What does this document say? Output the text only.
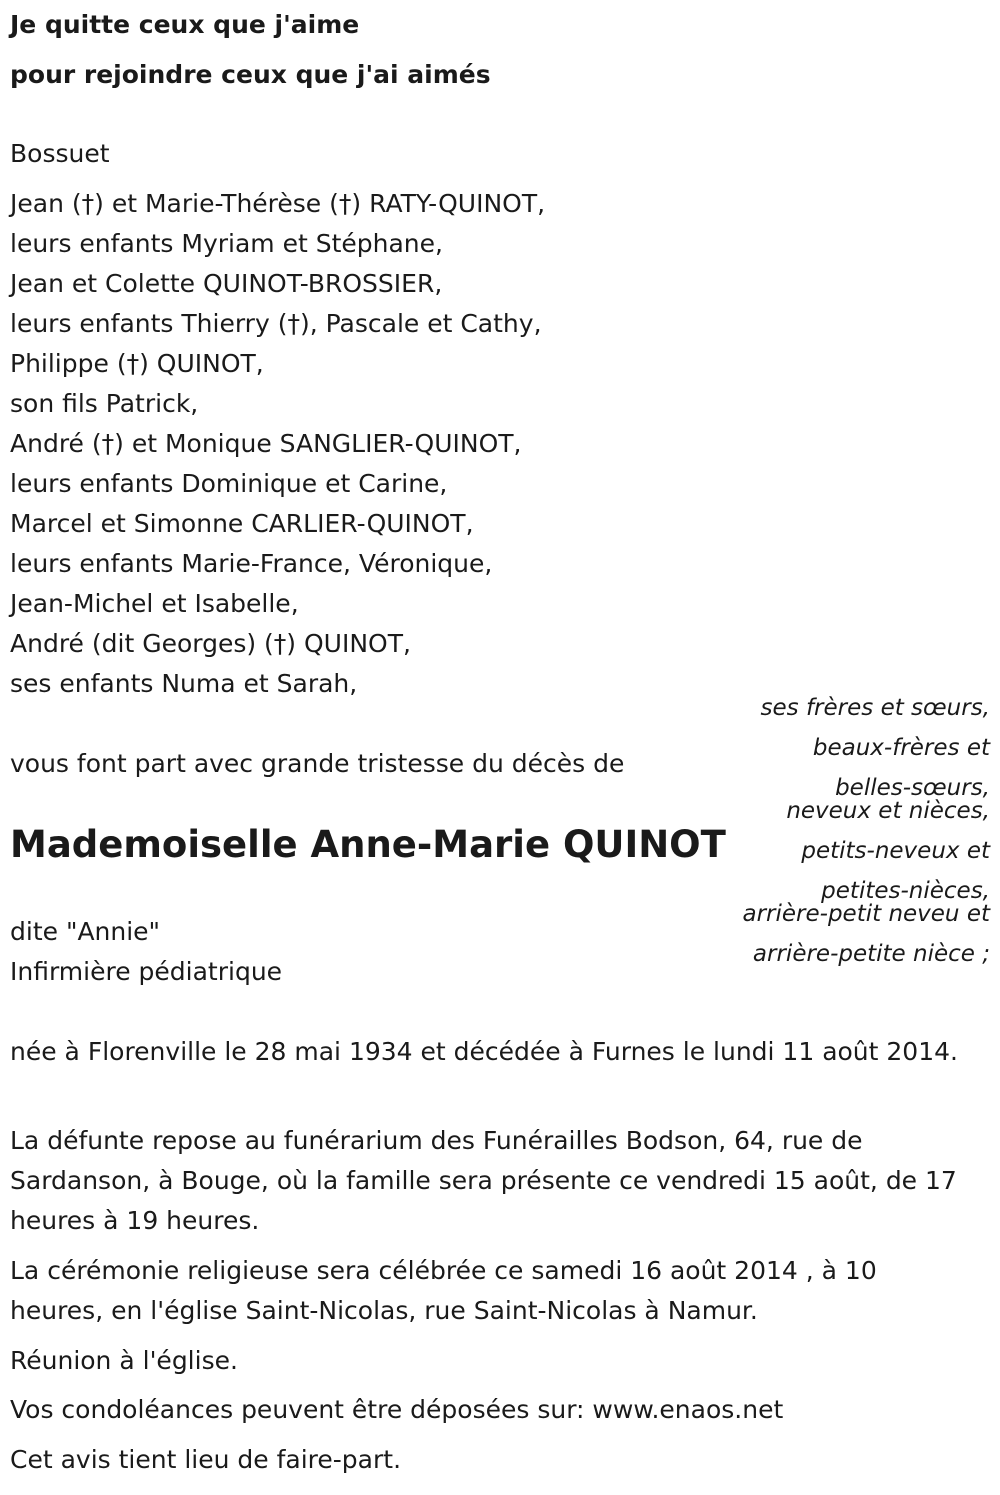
Je quitte ceux que j'aime
pour rejoindre ceux que j'ai aimés
Bossuet
Jean (†) et Marie-Thérèse (†) RATY-QUINOT,
leurs enfants Myriam et Stéphane,
Jean et Colette QUINOT-BROSSIER,
leurs enfants Thierry (†), Pascale et Cathy,
Philippe (†) QUINOT,
son fils Patrick,
André (†) et Monique SANGLIER-QUINOT,
leurs enfants Dominique et Carine,
Marcel et Simonne CARLIER-QUINOT,
leurs enfants Marie-France, Véronique,
Jean-Michel et Isabelle,
André (dit Georges) (†) QUINOT,
ses enfants Numa et Sarah,
ses frères et sœurs, beaux-frères et belles-sœurs,
neveux et nièces, petits-neveux et petites-nièces,
arrière-petit neveu et arrière-petite nièce ;
vous font part avec grande tristesse du décès de
Mademoiselle Anne-Marie QUINOT
dite "Annie"
Infirmière pédiatrique
née à Florenville le 28 mai 1934 et décédée à Furnes le lundi 11 août 2014.
La défunte repose au funérarium des Funérailles Bodson, 64, rue de Sardanson, à Bouge, où la famille sera présente ce vendredi 15 août, de 17 heures à 19 heures.
La cérémonie religieuse sera célébrée ce samedi 16 août 2014 , à 10 heures, en l'église Saint-Nicolas, rue Saint-Nicolas à Namur.
Réunion à l'église.
Vos condoléances peuvent être déposées sur: www.enaos.net
Cet avis tient lieu de faire-part.
